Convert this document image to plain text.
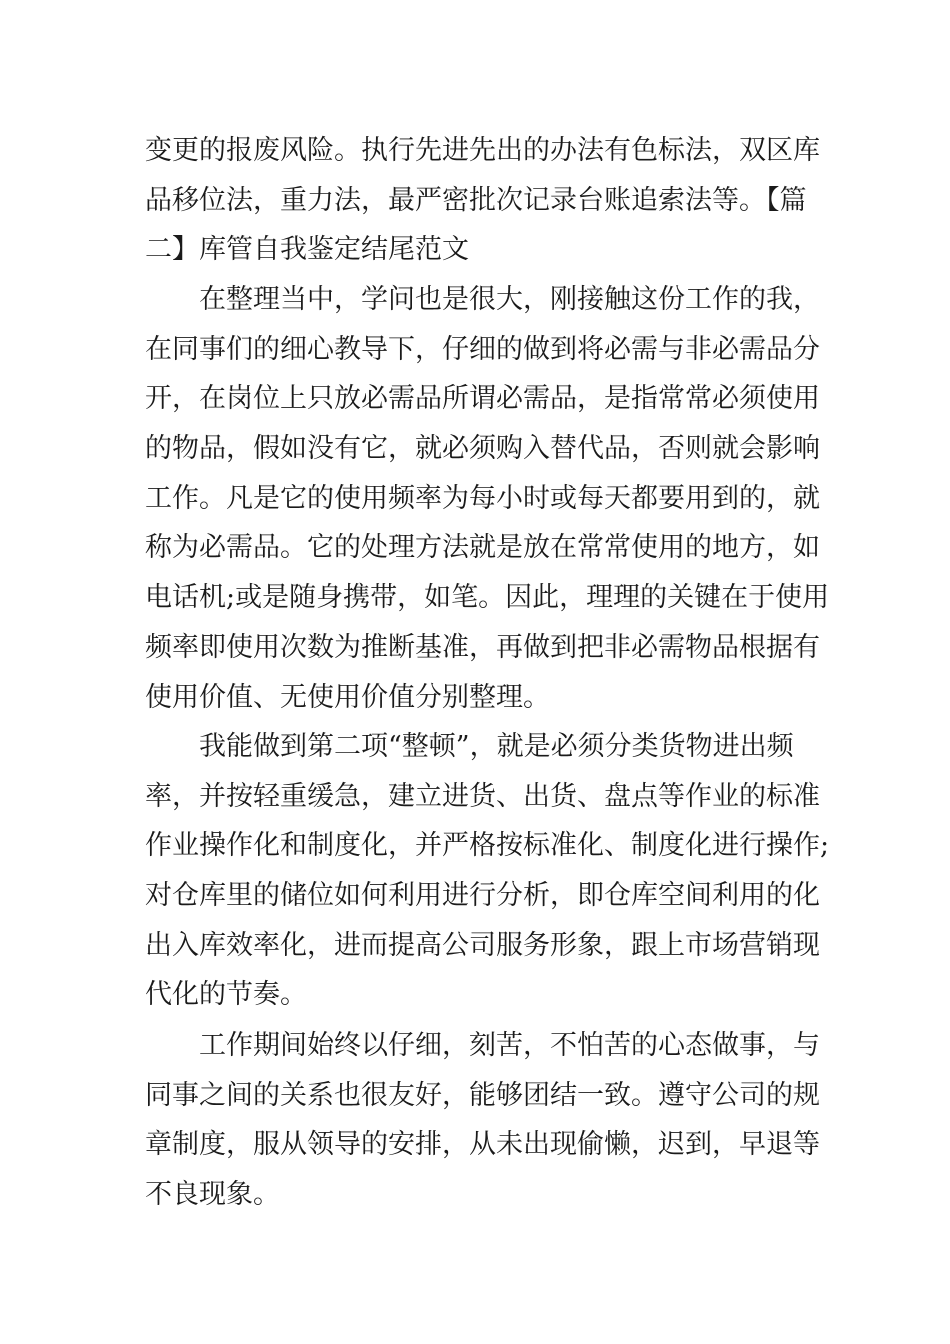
变更的报废风险。执行先进先出的办法有色标法，双区库
品移位法，重力法，最严密批次记录台账追索法等。【篇
二】库管自我鉴定结尾范文
在整理当中，学问也是很大，刚接触这份工作的我，
在同事们的细心教导下，仔细的做到将必需与非必需品分
开，在岗位上只放必需品所谓必需品，是指常常必须使用
的物品，假如没有它，就必须购入替代品，否则就会影响
工作。凡是它的使用频率为每小时或每天都要用到的，就
称为必需品。它的处理方法就是放在常常使用的地方，如
电话机;或是随身携带，如笔。因此，理理的关键在于使用
频率即使用次数为推断基准，再做到把非必需物品根据有
使用价值、无使用价值分别整理。
我能做到第二项“整顿”，就是必须分类货物进出频
率，并按轻重缓急，建立进货、出货、盘点等作业的标准
作业操作化和制度化，并严格按标准化、制度化进行操作;
对仓库里的储位如何利用进行分析，即仓库空间利用的化
出入库效率化，进而提高公司服务形象，跟上市场营销现
代化的节奏。
工作期间始终以仔细，刻苦，不怕苦的心态做事，与
同事之间的关系也很友好，能够团结一致。遵守公司的规
章制度，服从领导的安排，从未出现偷懒，迟到，早退等
不良现象。
